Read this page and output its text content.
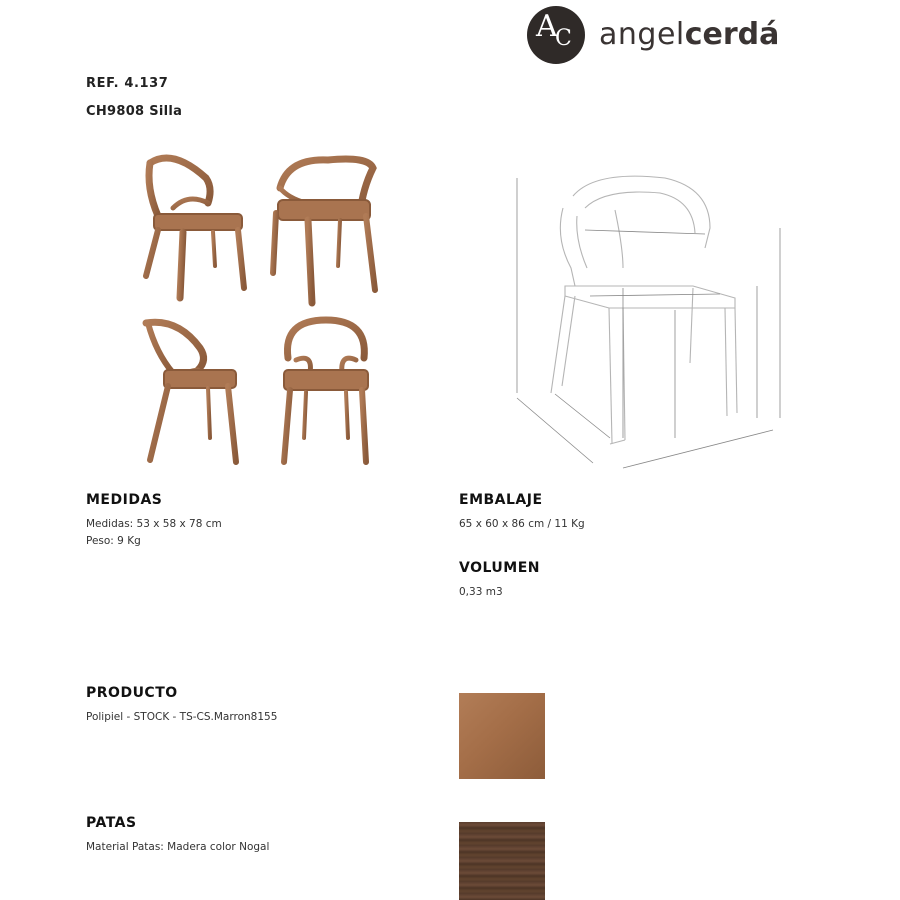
A
C angelcerdá
REF. 4.137
CH9808 Silla
MEDIDAS
Medidas: 53 x 58 x 78 cm
Peso: 9 Kg
EMBALAJE
65 x 60 x 86 cm / 11 Kg
VOLUMEN
0,33 m3
PRODUCTO
Polipiel - STOCK - TS-CS.Marron8155
PATAS
Material Patas: Madera color Nogal
